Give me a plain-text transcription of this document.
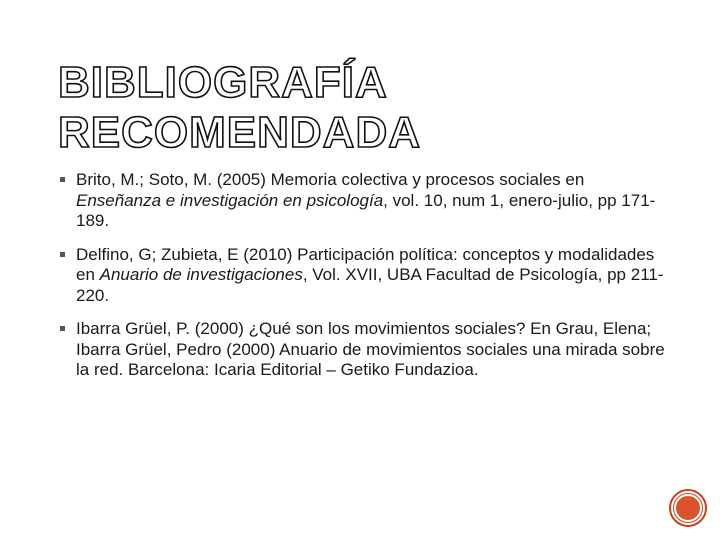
BIBLIOGRAFÍA
RECOMENDADA
Brito, M.; Soto, M. (2005) Memoria colectiva y procesos sociales en Enseñanza e investigación en psicología, vol. 10, num 1, enero-julio, pp 171-189.
Delfino, G; Zubieta, E (2010) Participación política: conceptos y modalidades en Anuario de investigaciones, Vol. XVII, UBA Facultad de Psicología, pp 211-220.
Ibarra Grüel, P. (2000) ¿Qué son los movimientos sociales? En Grau, Elena; Ibarra Grüel, Pedro (2000) Anuario de movimientos sociales una mirada sobre la red. Barcelona: Icaria Editorial – Getiko Fundazioa.
